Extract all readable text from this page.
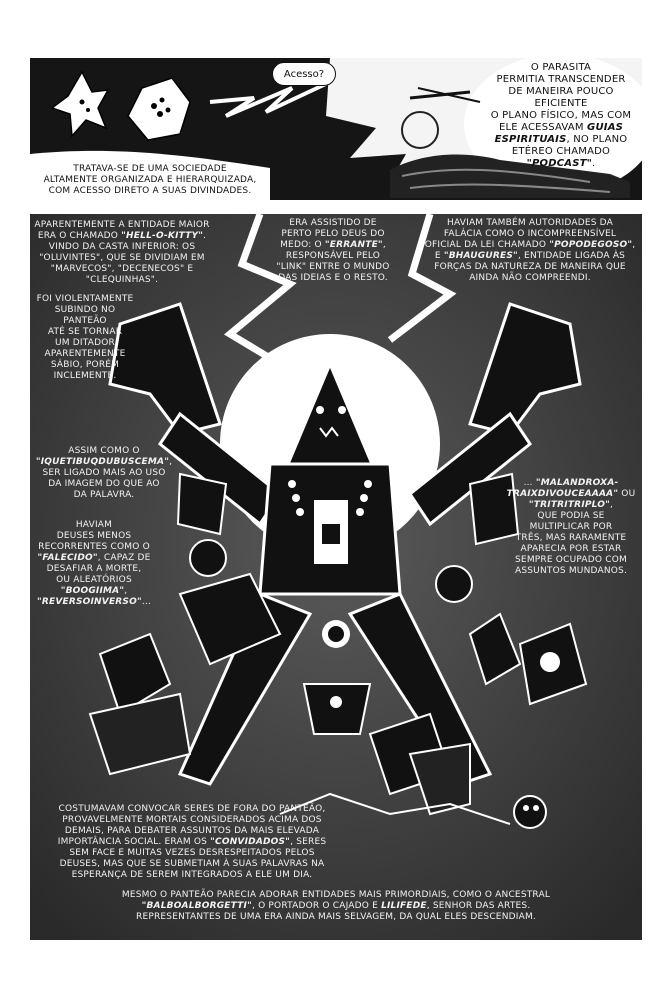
Acesso?
TRATAVA-SE DE UMA SOCIEDADE
ALTAMENTE ORGANIZADA E HIERARQUIZADA,
COM ACESSO DIRETO A SUAS DIVINDADES.
O PARASITA
PERMITIA TRANSCENDER
DE MANEIRA POUCO EFICIENTE
O PLANO FÍSICO, MAS COM
ELE ACESSAVAM GUIAS
ESPIRITUAIS, NO PLANO
ETÉREO CHAMADO
"PODCAST".
APARENTEMENTE A ENTIDADE MAIOR
ERA O CHAMADO "HELL-O-KITTY".
VINDO DA CASTA INFERIOR: OS
"OLUVINTES", QUE SE DIVIDIAM EM
"MARVECOS", "DECENECOS" E
"CLEQUINHAS".
FOI VIOLENTAMENTE
SUBINDO NO PANTEÃO
ATÉ SE TORNAR
UM DITADOR
APARENTEMENTE
SÁBIO, PORÉM
INCLEMENTE.
ERA ASSISTIDO DE
PERTO PELO DEUS DO
MEDO: O "ERRANTE",
RESPONSÁVEL PELO
"LINK" ENTRE O MUNDO
DAS IDEIAS E O RESTO.
HAVIAM TAMBÉM AUTORIDADES DA
FALÁCIA COMO O INCOMPREENSÍVEL
OFICIAL DA LEI CHAMADO "POPODEGOSO",
E "BHAUGURES", ENTIDADE LIGADA ÀS
FORÇAS DA NATUREZA DE MANEIRA QUE
AINDA NÃO COMPREENDI.
ASSIM COMO O
"IQUETIBUQDUBUSCEMA",
SER LIGADO MAIS AO USO
DA IMAGEM DO QUE AO
DA PALAVRA.
HAVIAM
DEUSES MENOS
RECORRENTES COMO O
"FALECIDO", CAPAZ DE
DESAFIAR A MORTE,
OU ALEATÓRIOS
"BOOGIIMA",
"REVERSOINVERSO"...
... "MALANDROXA-
TRAIXDIVOUCEAAAA" OU "TRITRITRIPLO",
QUE PODIA SE
MULTIPLICAR POR
TRÊS, MAS RARAMENTE
APARECIA POR ESTAR
SEMPRE OCUPADO COM
ASSUNTOS MUNDANOS.
COSTUMAVAM CONVOCAR SERES DE FORA DO PANTEÃO,
PROVAVELMENTE MORTAIS CONSIDERADOS ACIMA DOS
DEMAIS, PARA DEBATER ASSUNTOS DA MAIS ELEVADA
IMPORTÂNCIA SOCIAL. ERAM OS "CONVIDADOS", SERES
SEM FACE E MUITAS VEZES DESRESPEITADOS PELOS
DEUSES, MAS QUE SE SUBMETIAM À SUAS PALAVRAS NA
ESPERANÇA DE SEREM INTEGRADOS A ELE UM DIA.
MESMO O PANTEÃO PARECIA ADORAR ENTIDADES MAIS PRIMORDIAIS, COMO O ANCESTRAL
"BALBOALBORGETTI", O PORTADOR O CAJADO E LILIFEDE, SENHOR DAS ARTES.
REPRESENTANTES DE UMA ERA AINDA MAIS SELVAGEM, DA QUAL ELES DESCENDIAM.
